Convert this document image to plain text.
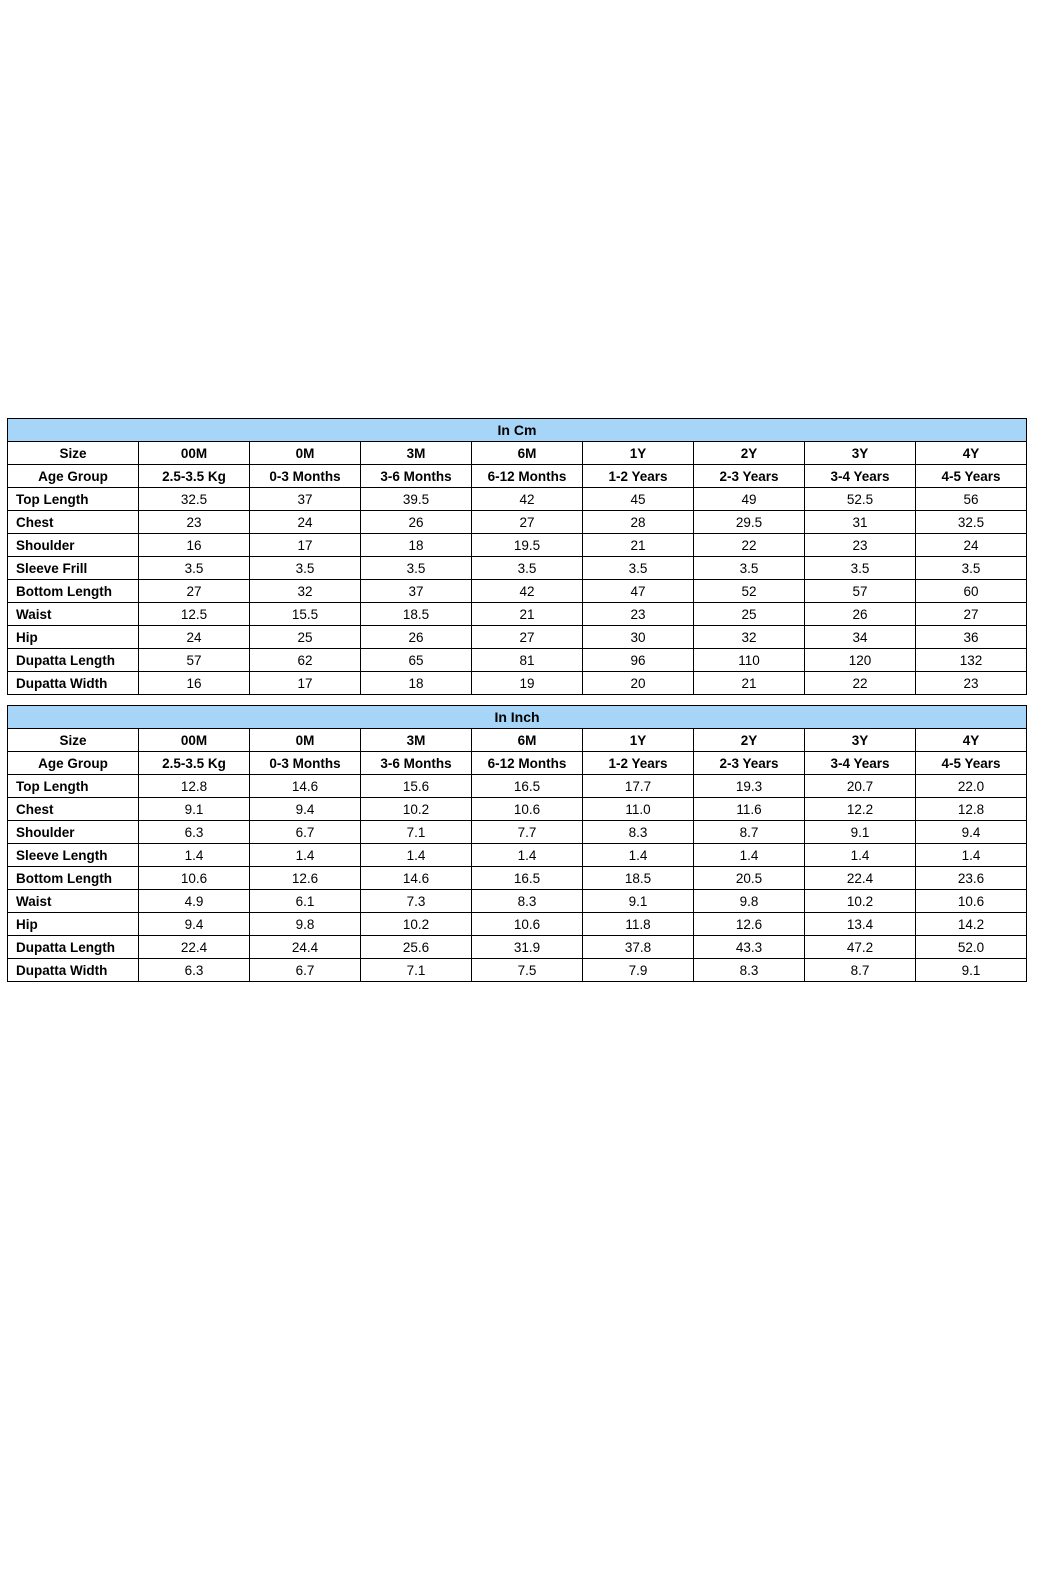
In Cm								
Size	00M	0M	3M	6M	1Y	2Y	3Y	4Y
Age Group	2.5-3.5 Kg	0-3 Months	3-6 Months	6-12 Months	1-2 Years	2-3 Years	3-4 Years	4-5 Years
Top Length	32.5	37	39.5	42	45	49	52.5	56
Chest	23	24	26	27	28	29.5	31	32.5
Shoulder	16	17	18	19.5	21	22	23	24
Sleeve Frill	3.5	3.5	3.5	3.5	3.5	3.5	3.5	3.5
Bottom Length	27	32	37	42	47	52	57	60
Waist	12.5	15.5	18.5	21	23	25	26	27
Hip	24	25	26	27	30	32	34	36
Dupatta Length	57	62	65	81	96	110	120	132
Dupatta Width	16	17	18	19	20	21	22	23
In Inch								
Size	00M	0M	3M	6M	1Y	2Y	3Y	4Y
Age Group	2.5-3.5 Kg	0-3 Months	3-6 Months	6-12 Months	1-2 Years	2-3 Years	3-4 Years	4-5 Years
Top Length	12.8	14.6	15.6	16.5	17.7	19.3	20.7	22.0
Chest	9.1	9.4	10.2	10.6	11.0	11.6	12.2	12.8
Shoulder	6.3	6.7	7.1	7.7	8.3	8.7	9.1	9.4
Sleeve Length	1.4	1.4	1.4	1.4	1.4	1.4	1.4	1.4
Bottom Length	10.6	12.6	14.6	16.5	18.5	20.5	22.4	23.6
Waist	4.9	6.1	7.3	8.3	9.1	9.8	10.2	10.6
Hip	9.4	9.8	10.2	10.6	11.8	12.6	13.4	14.2
Dupatta Length	22.4	24.4	25.6	31.9	37.8	43.3	47.2	52.0
Dupatta Width	6.3	6.7	7.1	7.5	7.9	8.3	8.7	9.1
